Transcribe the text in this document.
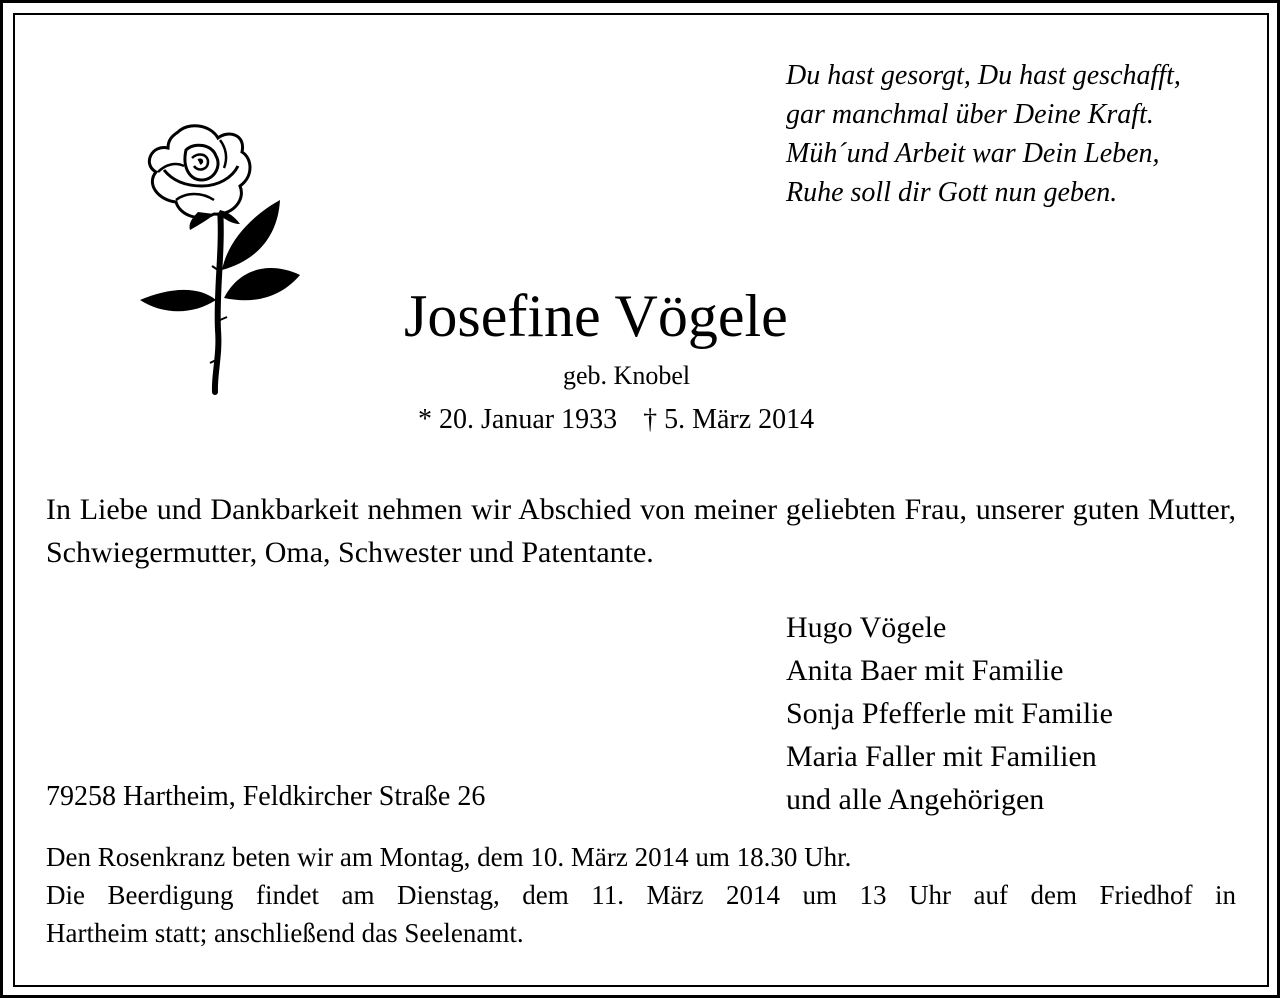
Du hast gesorgt, Du hast geschafft,
gar manchmal über Deine Kraft.
Müh´und Arbeit war Dein Leben,
Ruhe soll dir Gott nun geben.
Josefine Vögele
geb. Knobel
* 20. Januar 1933 † 5. März 2014
In Liebe und Dankbarkeit nehmen wir Abschied von meiner geliebten Frau, unserer guten Mutter, Schwiegermutter, Oma, Schwester und Patentante.
Hugo Vögele
Anita Baer mit Familie
Sonja Pfefferle mit Familie
Maria Faller mit Familien
und alle Angehörigen
79258 Hartheim, Feldkircher Straße 26
Den Rosenkranz beten wir am Montag, dem 10. März 2014 um 18.30 Uhr.
Die Beerdigung findet am Dienstag, dem 11. März 2014 um 13 Uhr auf dem Friedhof in
Hartheim statt; anschließend das Seelenamt.
